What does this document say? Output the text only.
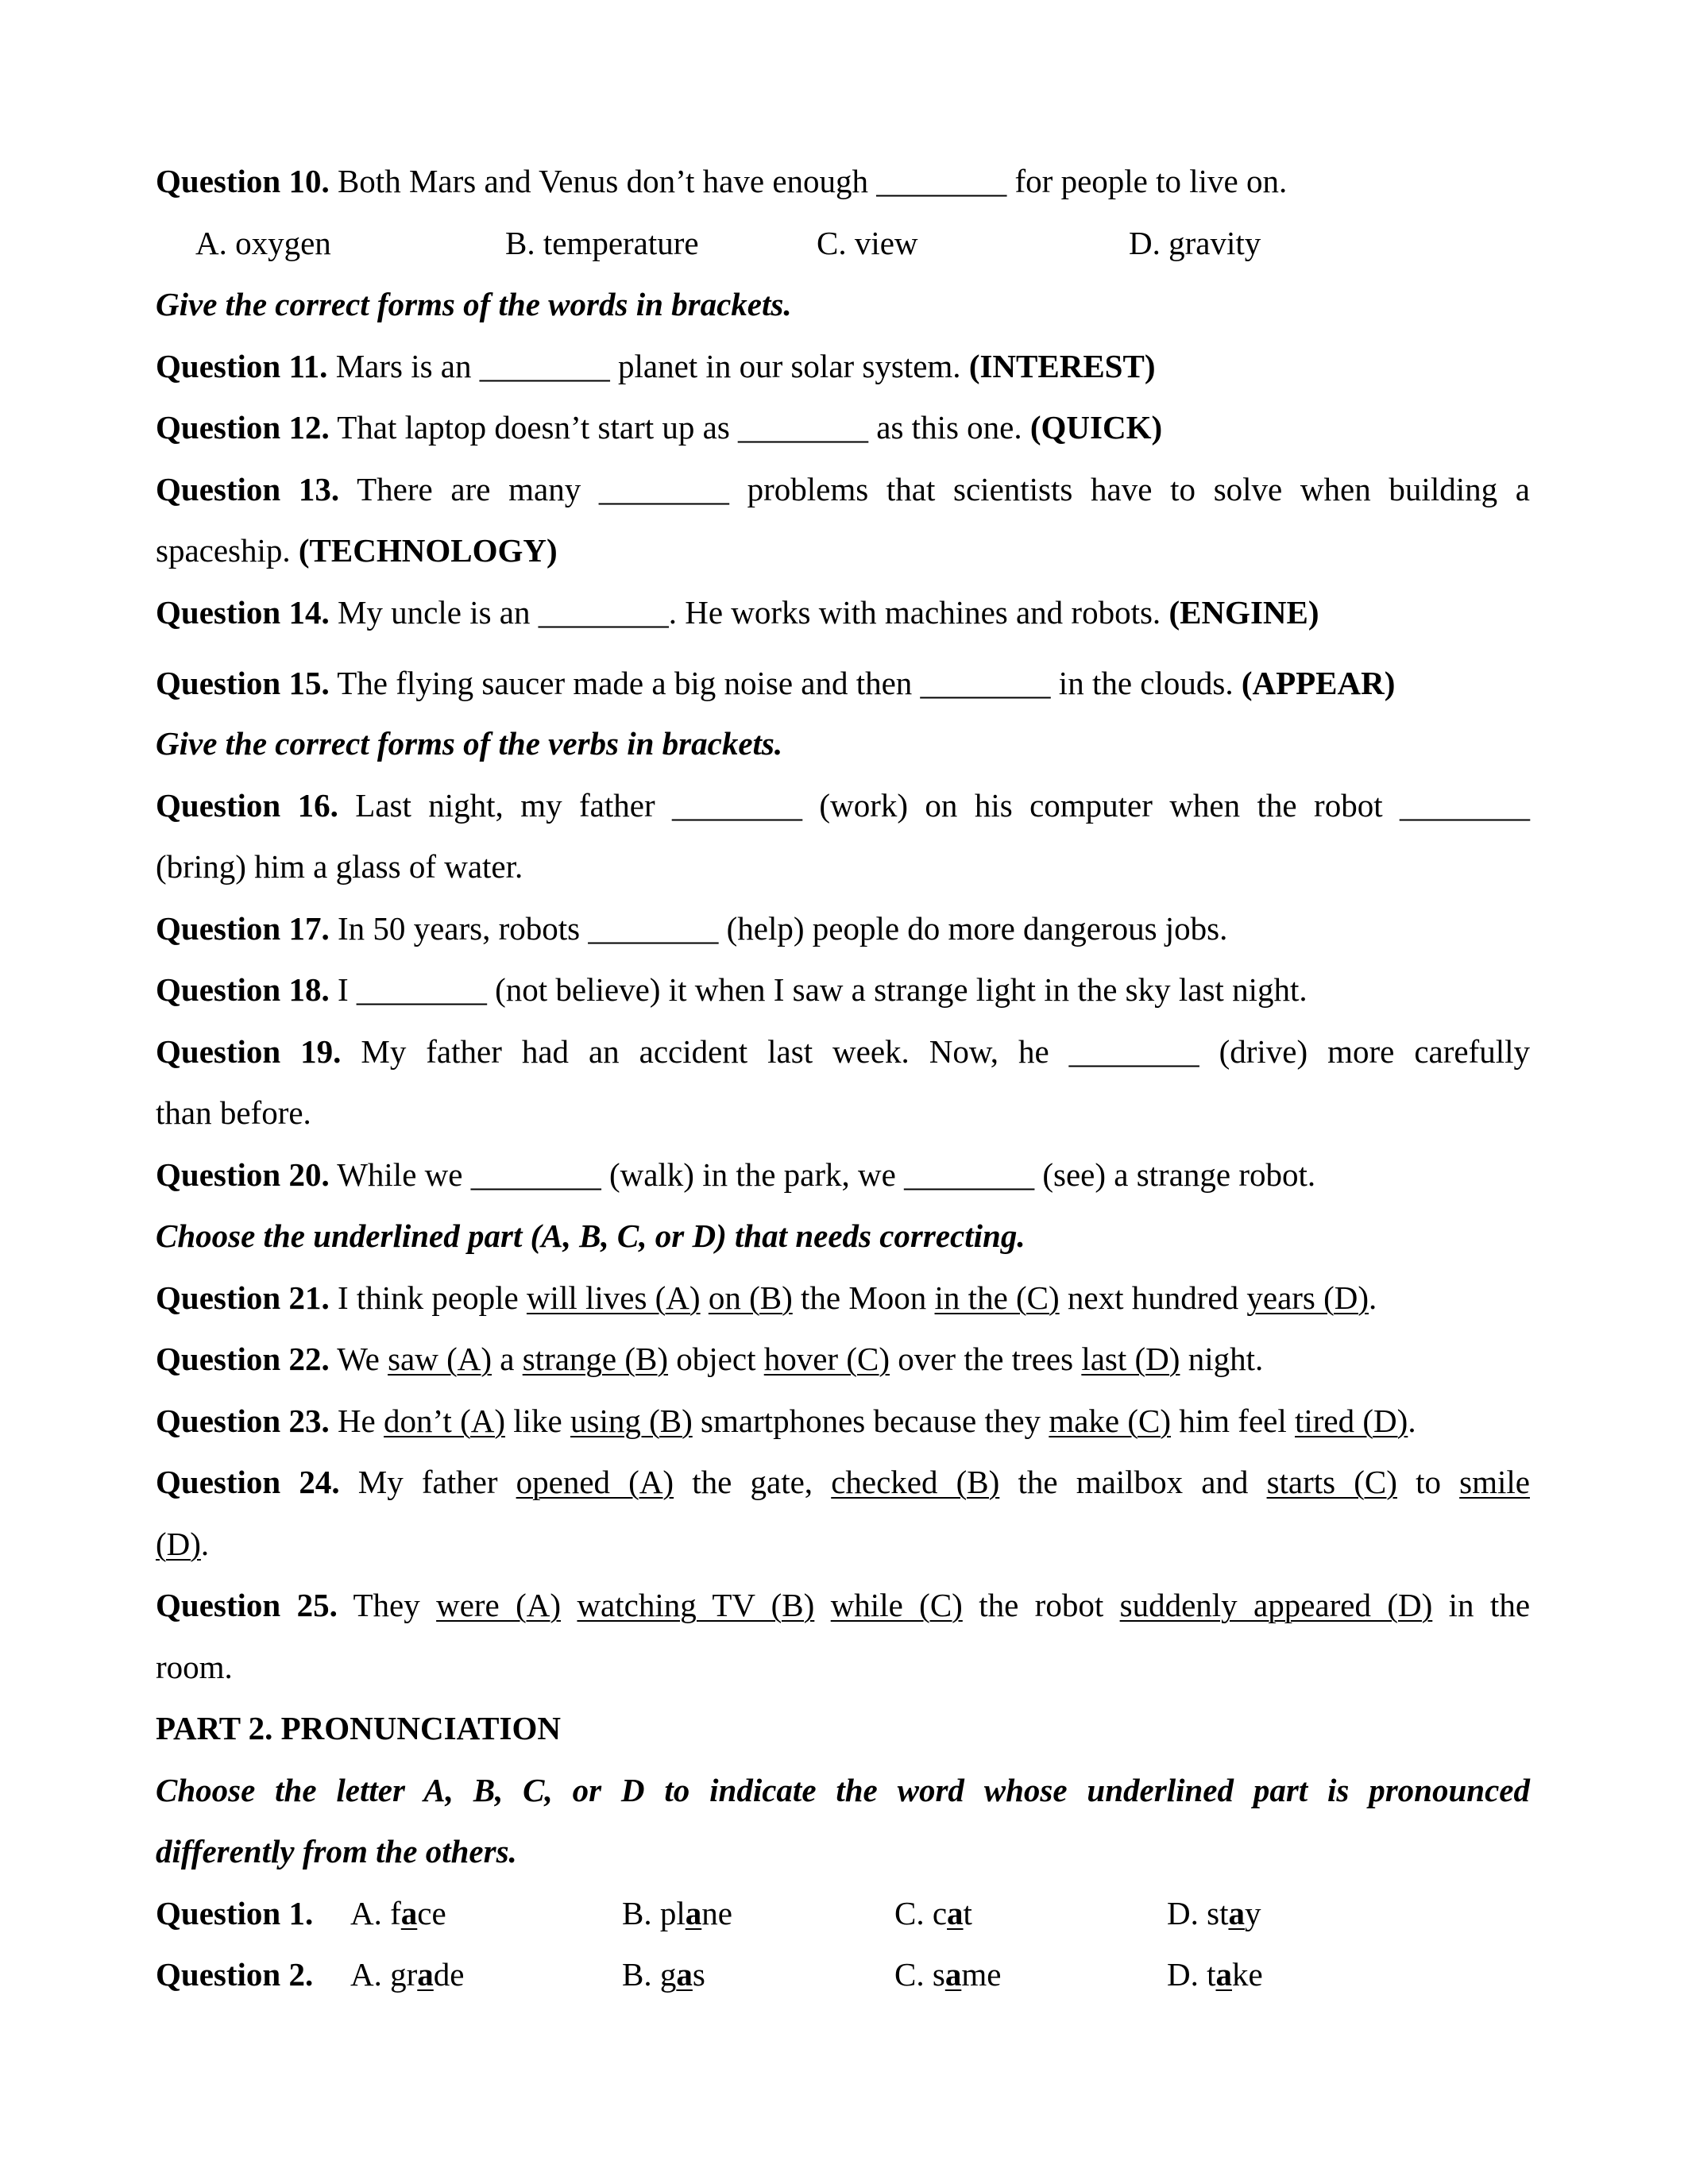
Question 10. Both Mars and Venus don’t have enough ________ for people to live on.
A. oxygen	B. temperature	C. view	D. gravity
Give the correct forms of the words in brackets.
Question 11. Mars is an ________ planet in our solar system. (INTEREST)
Question 12. That laptop doesn’t start up as ________ as this one. (QUICK)
Question 13. There are many ________ problems that scientists have to solve when building a
spaceship. (TECHNOLOGY)
Question 14. My uncle is an ________. He works with machines and robots. (ENGINE)
Question 15. The flying saucer made a big noise and then ________ in the clouds. (APPEAR)
Give the correct forms of the verbs in brackets.
Question 16. Last night, my father ________ (work) on his computer when the robot ________
(bring) him a glass of water.
Question 17. In 50 years, robots ________ (help) people do more dangerous jobs.
Question 18. I ________ (not believe) it when I saw a strange light in the sky last night.
Question 19. My father had an accident last week. Now, he ________ (drive) more carefully
than before.
Question 20. While we ________ (walk) in the park, we ________ (see) a strange robot.
Choose the underlined part (A, B, C, or D) that needs correcting.
Question 21. I think people will lives (A) on (B) the Moon in the (C) next hundred years (D).
Question 22. We saw (A) a strange (B) object hover (C) over the trees last (D) night.
Question 23. He don’t (A) like using (B) smartphones because they make (C) him feel tired (D).
Question 24. My father opened (A) the gate, checked (B) the mailbox and starts (C) to smile
(D).
Question 25. They were (A) watching TV (B) while (C) the robot suddenly appeared (D) in the
room.
PART 2. PRONUNCIATION
Choose the letter A, B, C, or D to indicate the word whose underlined part is pronounced
differently from the others.
Question 1. A. face	B. plane	C. cat	D. stay
Question 2. A. grade	B. gas	C. same	D. take
